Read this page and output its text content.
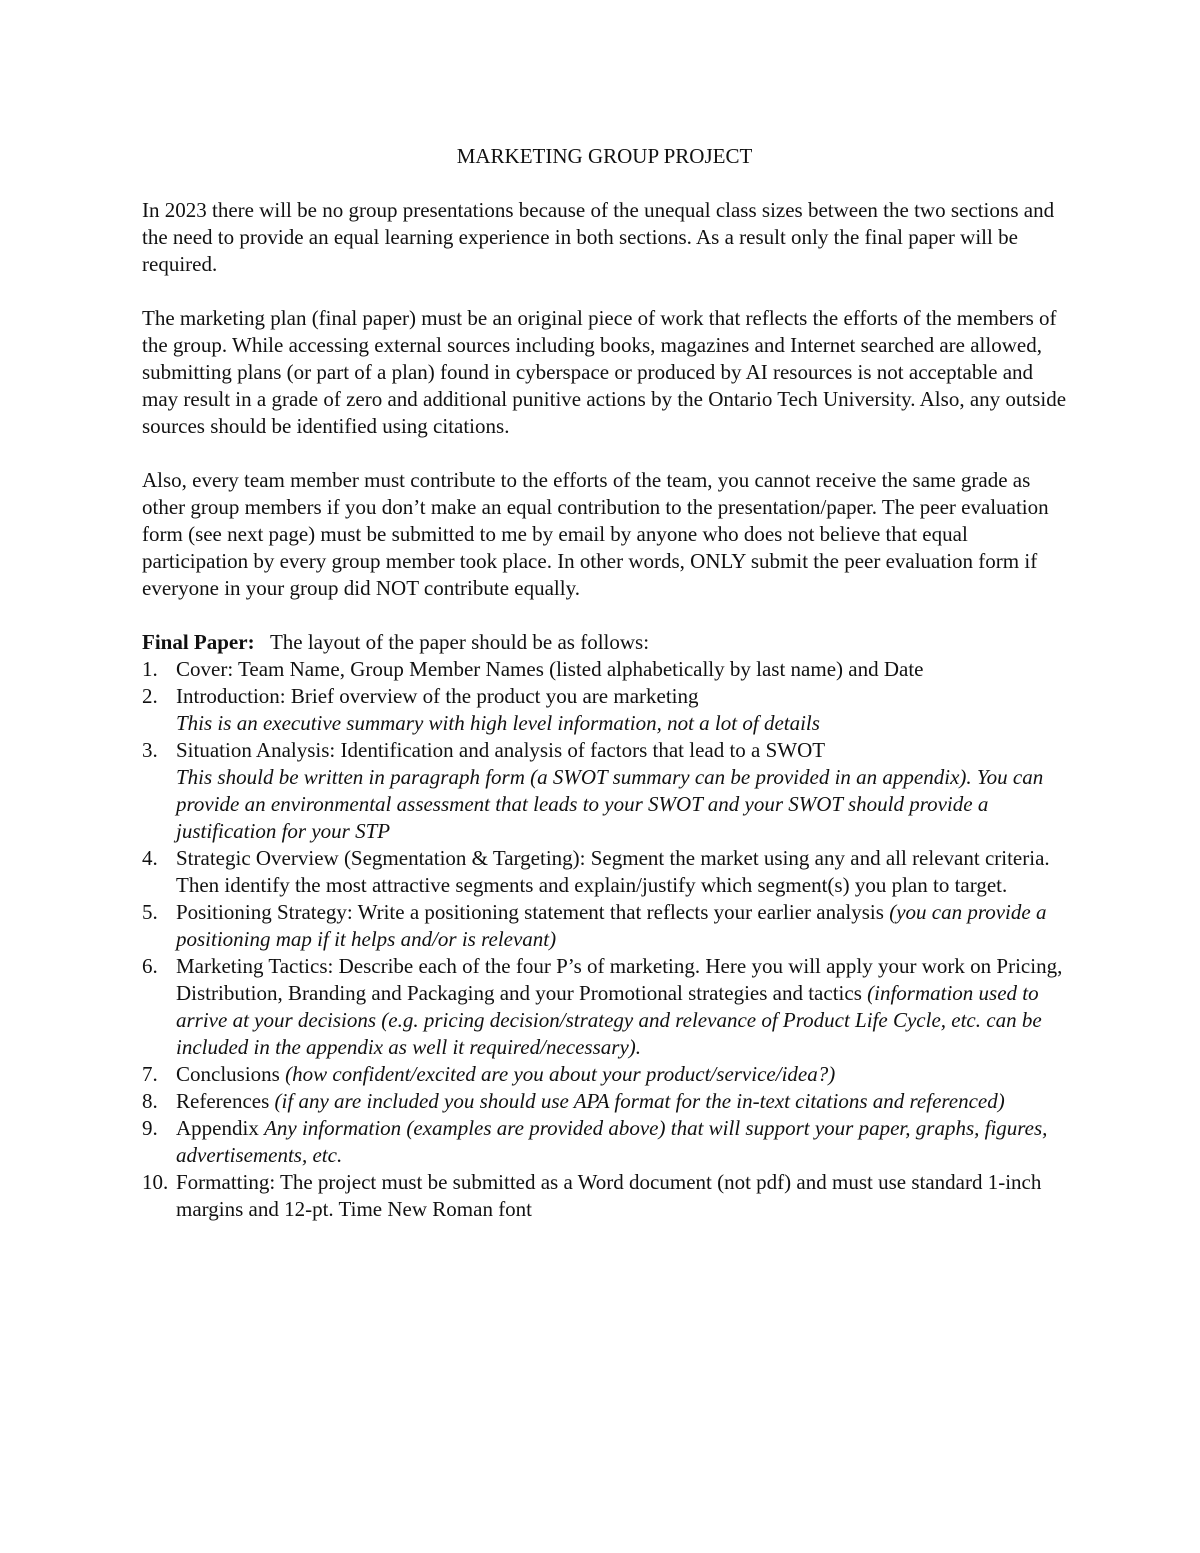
MARKETING GROUP PROJECT

In 2023 there will be no group presentations because of the unequal class sizes between the two sections and the need to provide an equal learning experience in both sections. As a result only the final paper will be required.

The marketing plan (final paper) must be an original piece of work that reflects the efforts of the members of the group. While accessing external sources including books, magazines and Internet searched are allowed, submitting plans (or part of a plan) found in cyberspace or produced by AI resources is not acceptable and may result in a grade of zero and additional punitive actions by the Ontario Tech University. Also, any outside sources should be identified using citations.

Also, every team member must contribute to the efforts of the team, you cannot receive the same grade as other group members if you don’t make an equal contribution to the presentation/paper. The peer evaluation form (see next page) must be submitted to me by email by anyone who does not believe that equal participation by every group member took place. In other words, ONLY submit the peer evaluation form if everyone in your group did NOT contribute equally.

Final Paper: The layout of the paper should be as follows:
1. Cover: Team Name, Group Member Names (listed alphabetically by last name) and Date
2. Introduction: Brief overview of the product you are marketing
This is an executive summary with high level information, not a lot of details
3. Situation Analysis: Identification and analysis of factors that lead to a SWOT
This should be written in paragraph form (a SWOT summary can be provided in an appendix). You can provide an environmental assessment that leads to your SWOT and your SWOT should provide a justification for your STP
4. Strategic Overview (Segmentation & Targeting): Segment the market using any and all relevant criteria. Then identify the most attractive segments and explain/justify which segment(s) you plan to target.
5. Positioning Strategy: Write a positioning statement that reflects your earlier analysis (you can provide a positioning map if it helps and/or is relevant)
6. Marketing Tactics: Describe each of the four P’s of marketing. Here you will apply your work on Pricing, Distribution, Branding and Packaging and your Promotional strategies and tactics (information used to arrive at your decisions (e.g. pricing decision/strategy and relevance of Product Life Cycle, etc. can be included in the appendix as well it required/necessary).
7. Conclusions (how confident/excited are you about your product/service/idea?)
8. References (if any are included you should use APA format for the in-text citations and referenced)
9. Appendix Any information (examples are provided above) that will support your paper, graphs, figures, advertisements, etc.
10. Formatting: The project must be submitted as a Word document (not pdf) and must use standard 1-inch margins and 12-pt. Time New Roman font
